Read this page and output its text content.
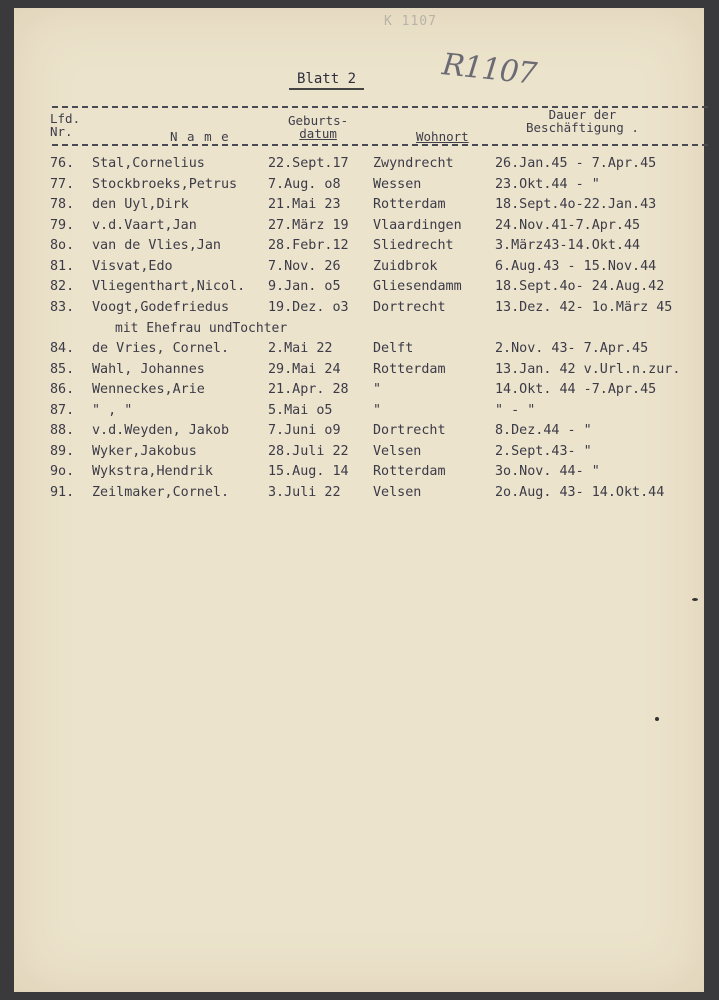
K 1107
R1107
Blatt 2
Lfd.
Nr.	N a m e
Geburts-
datum	Wohnort
Dauer der
Beschäftigung .
76. Stal,Cornelius	22.Sept.17 Zwyndrecht	26.Jan.45 - 7.Apr.45
77. Stockbroeks,Petrus 7.Aug. o8 Wessen	23.Okt.44 - "
78. den Uyl,Dirk	21.Mai 23 Rotterdam	18.Sept.4o-22.Jan.43
79. v.d.Vaart,Jan	27.März 19 Vlaardingen 24.Nov.41-7.Apr.45
8o. van de Vlies,Jan	28.Febr.12 Sliedrecht	3.März43-14.Okt.44
81. Visvat,Edo	7.Nov. 26 Zuidbrok	6.Aug.43 - 15.Nov.44
82. Vliegenthart,Nicol. 9.Jan. o5 Gliesendamm 18.Sept.4o- 24.Aug.42
83. Voogt,Godefriedus	19.Dez. o3 Dortrecht	13.Dez. 42- 1o.März 45
mit Ehefrau undTochter
84. de Vries, Cornel.	2.Mai 22	Delft	2.Nov. 43- 7.Apr.45
85. Wahl, Johannes	29.Mai 24 Rotterdam	13.Jan. 42 v.Url.n.zur.
86. Wenneckes,Arie	21.Apr. 28 "	14.Okt. 44 -7.Apr.45
87. " , "	5.Mai o5	"	" - "
88. v.d.Weyden, Jakob	7.Juni o9 Dortrecht	8.Dez.44 - "
89. Wyker,Jakobus	28.Juli 22 Velsen	2.Sept.43- "
9o. Wykstra,Hendrik	15.Aug. 14 Rotterdam	3o.Nov. 44- "
91. Zeilmaker,Cornel.	3.Juli 22 Velsen	2o.Aug. 43- 14.Okt.44
